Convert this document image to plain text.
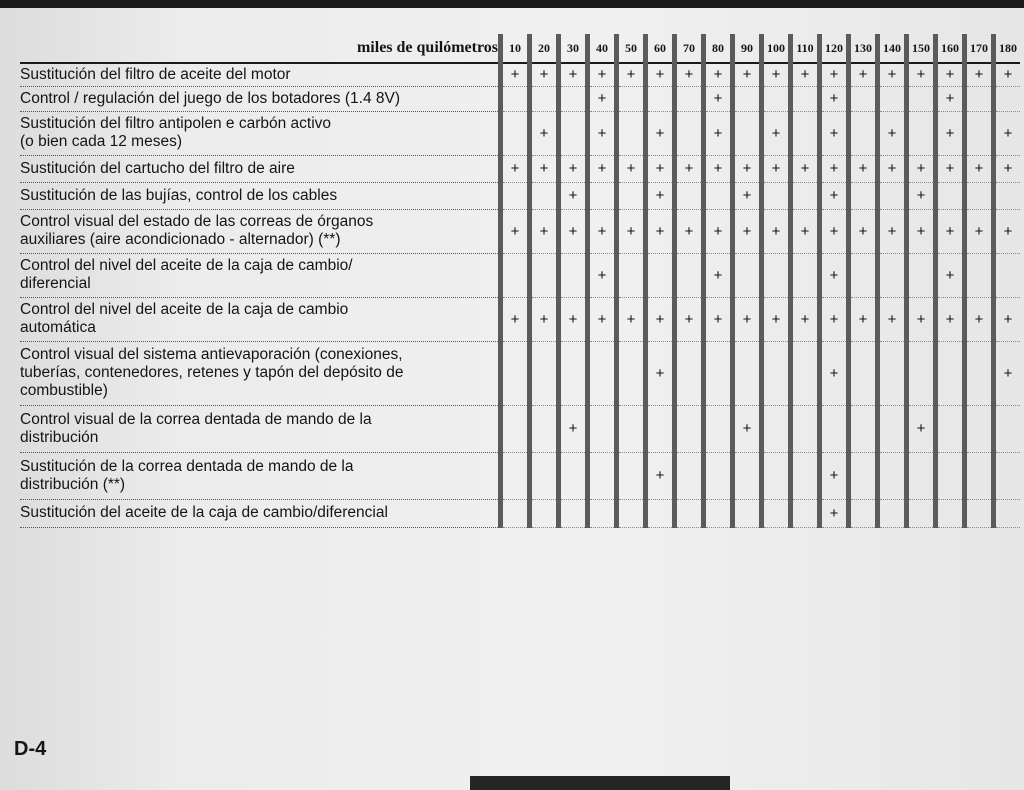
miles de quilómetros	10	20	30	40	50	60	70	80	90	100	110	120	130	140	150	160	170	180
Sustitución del filtro de aceite del motor	+	+	+	+	+	+	+	+	+	+	+	+	+	+	+	+	+	+
Control / regulación del juego de los botadores (1.4 8V)				+				+				+				+		
Sustitución del filtro antipolen e carbón activo
(o bien cada 12 meses)		+		+		+		+		+		+		+		+		+
Sustitución del cartucho del filtro de aire	+	+	+	+	+	+	+	+	+	+	+	+	+	+	+	+	+	+
Sustitución de las bujías, control de los cables			+			+			+			+			+			
Control visual del estado de las correas de órganos
auxiliares (aire acondicionado - alternador) (**)	+	+	+	+	+	+	+	+	+	+	+	+	+	+	+	+	+	+
Control del nivel del aceite de la caja de cambio/
diferencial				+				+				+				+		
Control del nivel del aceite de la caja de cambio
automática	+	+	+	+	+	+	+	+	+	+	+	+	+	+	+	+	+	+
Control visual del sistema antievaporación (conexiones,
tuberías, contenedores, retenes y tapón del depósito de
combustible)						+						+						+
Control visual de la correa dentada de mando de la
distribución			+						+						+			
Sustitución de la correa dentada de mando de la
distribución (**)						+						+						
Sustitución del aceite de la caja de cambio/diferencial												+						
D-4
